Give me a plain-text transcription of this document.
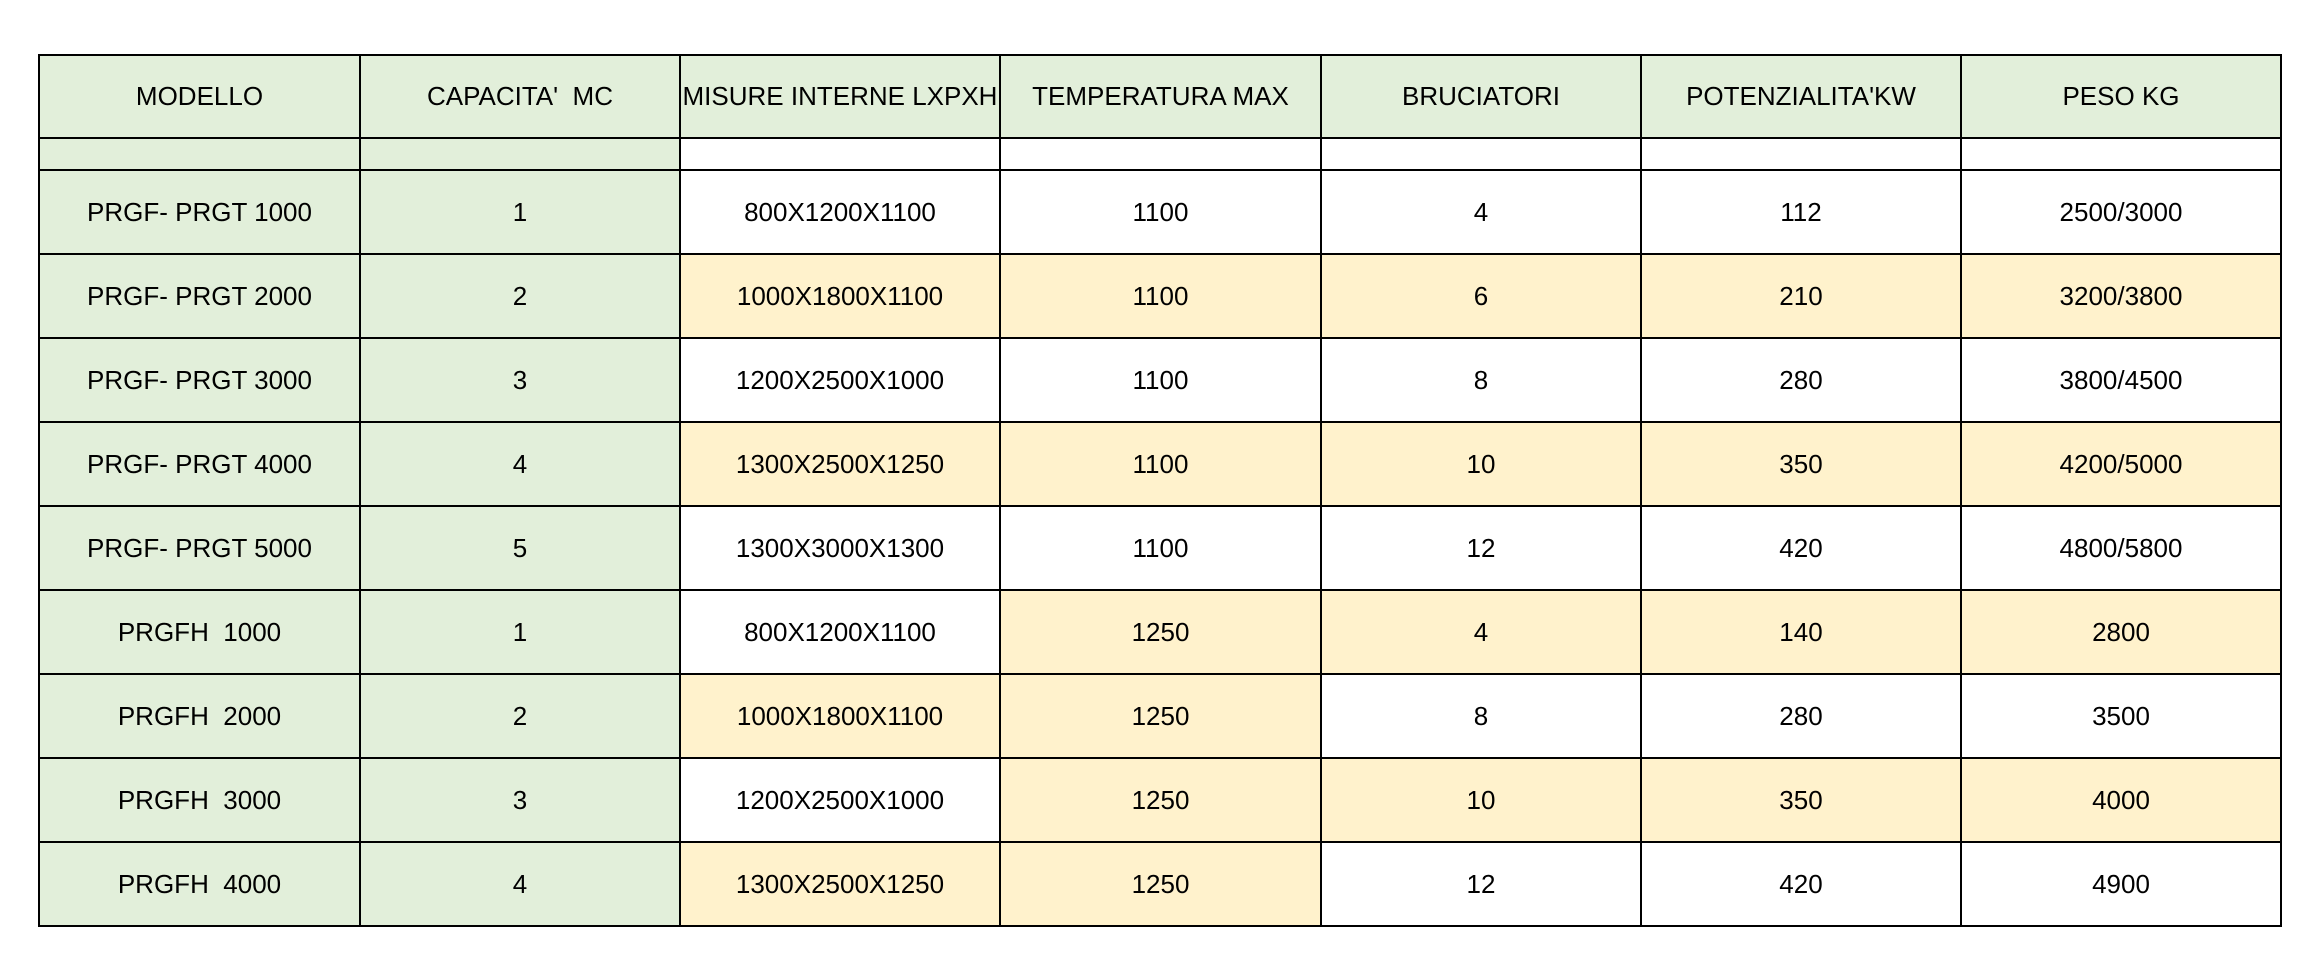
MODELLO	CAPACITA'  MC	MISURE INTERNE LXPXH	TEMPERATURA MAX	BRUCIATORI	POTENZIALITA'KW	PESO KG

PRGF- PRGT 1000	1	800X1200X1100	1100	4	112	2500/3000
PRGF- PRGT 2000	2	1000X1800X1100	1100	6	210	3200/3800
PRGF- PRGT 3000	3	1200X2500X1000	1100	8	280	3800/4500
PRGF- PRGT 4000	4	1300X2500X1250	1100	10	350	4200/5000
PRGF- PRGT 5000	5	1300X3000X1300	1100	12	420	4800/5800
PRGFH  1000	1	800X1200X1100	1250	4	140	2800
PRGFH  2000	2	1000X1800X1100	1250	8	280	3500
PRGFH  3000	3	1200X2500X1000	1250	10	350	4000
PRGFH  4000	4	1300X2500X1250	1250	12	420	4900
